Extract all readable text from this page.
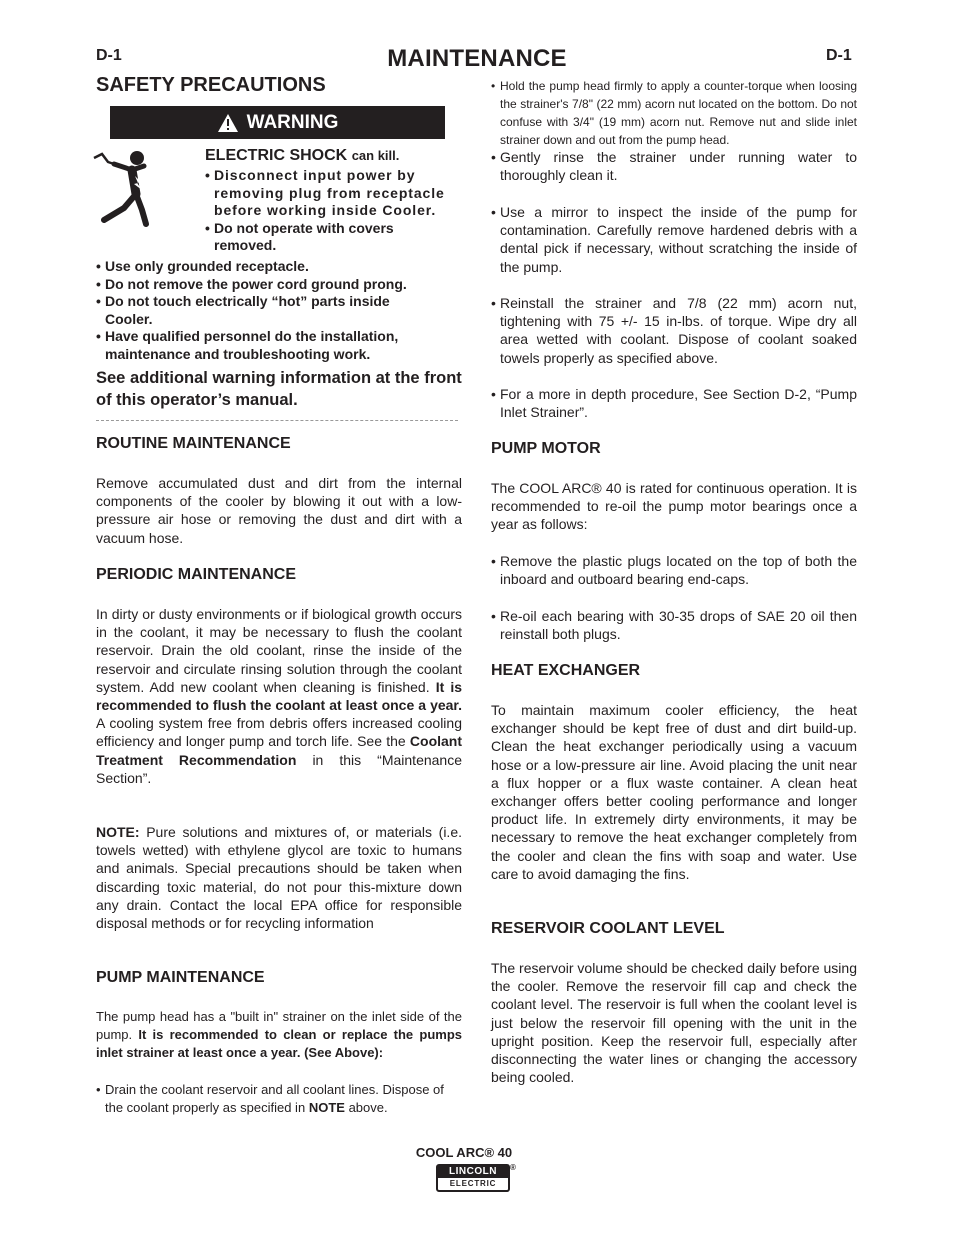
D-1	MAINTENANCE	D-1
SAFETY PRECAUTIONS
WARNING
ELECTRIC SHOCK can kill.
• Disconnect input power by removing plug from receptacle before working inside Cooler.
• Do not operate with covers removed.
• Use only grounded receptacle.
• Do not remove the power cord ground prong.
• Do not touch electrically “hot” parts inside Cooler.
• Have qualified personnel do the installation, maintenance and troubleshooting work.
See additional warning information at the front of this operator’s manual.
ROUTINE MAINTENANCE
Remove accumulated dust and dirt from the internal components of the cooler by blowing it out with a low-pressure air hose or removing the dust and dirt with a vacuum hose.
PERIODIC MAINTENANCE
In dirty or dusty environments or if biological growth occurs in the coolant, it may be necessary to flush the coolant reservoir. Drain the old coolant, rinse the inside of the reservoir and circulate rinsing solution through the coolant system. Add new coolant when cleaning is finished. It is recommended to flush the coolant at least once a year. A cooling system free from debris offers increased cooling efficiency and longer pump and torch life. See the Coolant Treatment Recommendation in this “Maintenance Section”.
NOTE: Pure solutions and mixtures of, or materials (i.e. towels wetted) with ethylene glycol are toxic to humans and animals. Special precautions should be taken when discarding toxic material, do not pour this-mixture down any drain. Contact the local EPA office for responsible disposal methods or for recycling information
PUMP MAINTENANCE
The pump head has a "built in" strainer on the inlet side of the pump. It is recommended to clean or replace the pumps inlet strainer at least once a year. (See Above):
• Drain the coolant reservoir and all coolant lines. Dispose of the coolant properly as specified in NOTE above.
• Hold the pump head firmly to apply a counter-torque when loosing the strainer's 7/8" (22 mm) acorn nut located on the bottom. Do not confuse with 3/4" (19 mm) acorn nut. Remove nut and slide inlet strainer down and out from the pump head.
• Gently rinse the strainer under running water to thoroughly clean it.
• Use a mirror to inspect the inside of the pump for contamination. Carefully remove hardened debris with a dental pick if necessary, without scratching the inside of the pump.
• Reinstall the strainer and 7/8 (22 mm) acorn nut, tightening with 75 +/- 15 in-lbs. of torque. Wipe dry all area wetted with coolant. Dispose of coolant soaked towels properly as specified above.
• For a more in depth procedure, See Section D-2, “Pump Inlet Strainer”.
PUMP MOTOR
The COOL ARC® 40 is rated for continuous operation. It is recommended to re-oil the pump motor bearings once a year as follows:
• Remove the plastic plugs located on the top of both the inboard and outboard bearing end-caps.
• Re-oil each bearing with 30-35 drops of SAE 20 oil then reinstall both plugs.
HEAT EXCHANGER
To maintain maximum cooler efficiency, the heat exchanger should be kept free of dust and dirt build-up. Clean the heat exchanger periodically using a vacuum hose or a low-pressure air line. Avoid placing the unit near a flux hopper or a flux waste container. A clean heat exchanger offers better cooling performance and longer product life. In extremely dirty environments, it may be necessary to remove the heat exchanger completely from the cooler and clean the fins with soap and water. Use care to avoid damaging the fins.
RESERVOIR COOLANT LEVEL
The reservoir volume should be checked daily before using the cooler. Remove the reservoir fill cap and check the coolant level. The reservoir is full when the coolant level is just below the reservoir fill opening with the unit in the upright position. Keep the reservoir full, especially after disconnecting the water lines or changing the accessory being cooled.
COOL ARC® 40
LINCOLN
ELECTRIC
®
